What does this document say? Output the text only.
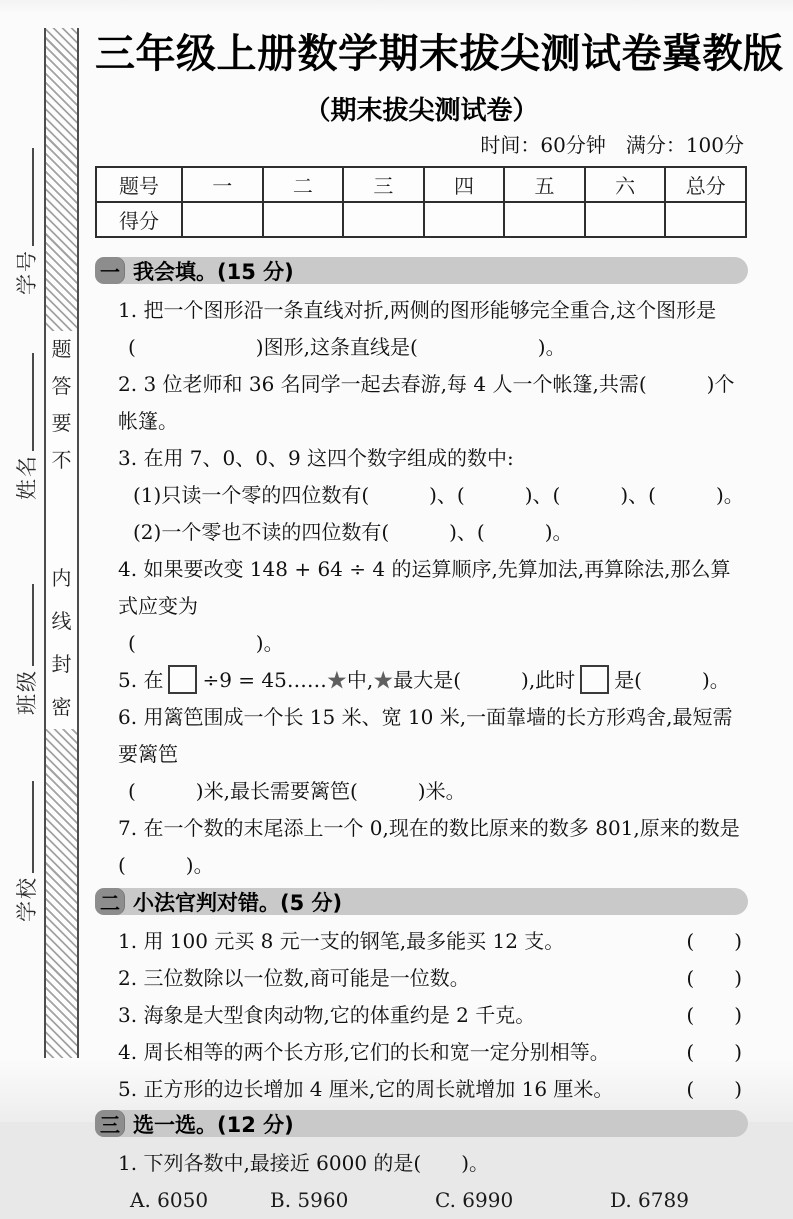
学号
姓名
班级
学校
题
答
要
不
内
线
封
密
三年级上册数学期末拔尖测试卷冀教版
（期末拔尖测试卷）
时间：60分钟　满分：100分
题号	一	二	三	四	五	六	总分
得分							
一 我会填。(15 分)
1. 把一个图形沿一条直线对折,两侧的图形能够完全重合,这个图形是
(　　　　　　)图形,这条直线是(　　　　　　)。
2. 3 位老师和 36 名同学一起去春游,每 4 人一个帐篷,共需(　　　)个帐篷。
3. 在用 7、0、0、9 这四个数字组成的数中:
(1)只读一个零的四位数有(　　　)、(　　　)、(　　　)、(　　　)。
(2)一个零也不读的四位数有(　　　)、(　　　)。
4. 如果要改变 148 + 64 ÷ 4 的运算顺序,先算加法,再算除法,那么算式应变为
(　　　　　　)。
5. 在 ÷9 = 45……★中,★最大是(　　　),此时 是(　　　)。
6. 用篱笆围成一个长 15 米、宽 10 米,一面靠墙的长方形鸡舍,最短需要篱笆
(　　　)米,最长需要篱笆(　　　)米。
7. 在一个数的末尾添上一个 0,现在的数比原来的数多 801,原来的数是(　　　)。
二 小法官判对错。(5 分)
1. 用 100 元买 8 元一支的钢笔,最多能买 12 支。	(　　)
2. 三位数除以一位数,商可能是一位数。	(　　)
3. 海象是大型食肉动物,它的体重约是 2 千克。	(　　)
4. 周长相等的两个长方形,它们的长和宽一定分别相等。	(　　)
5. 正方形的边长增加 4 厘米,它的周长就增加 16 厘米。	(　　)
三 选一选。(12 分)
1. 下列各数中,最接近 6000 的是(　　)。
A. 6050	B. 5960	C. 6990	D. 6789
